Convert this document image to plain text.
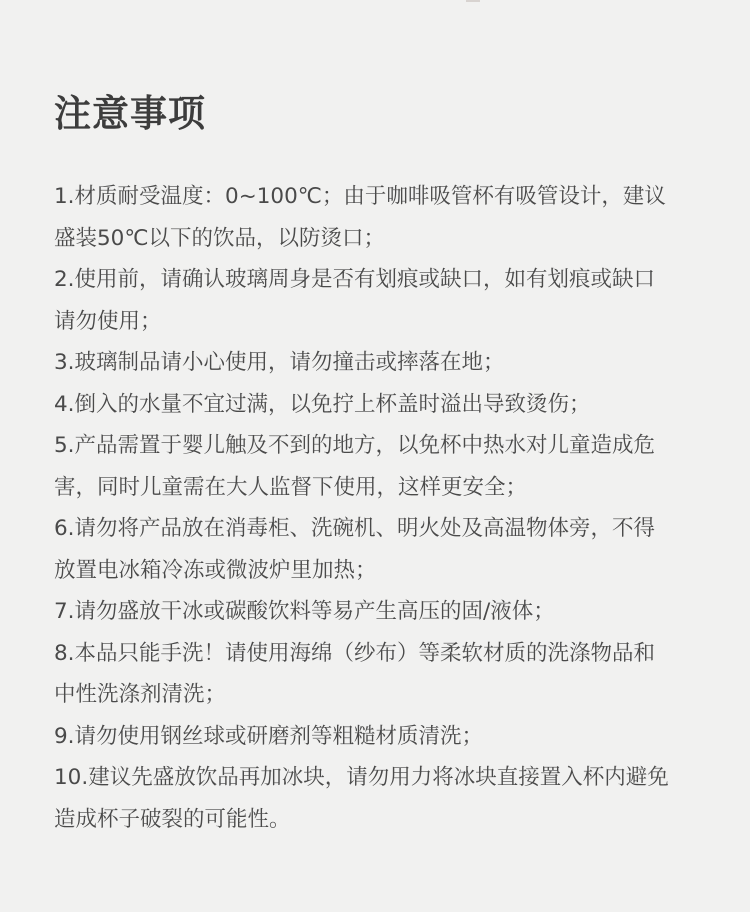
注意事项
1.材质耐受温度：0~100℃；由于咖啡吸管杯有吸管设计，建议
盛装50℃以下的饮品，以防烫口；
2.使用前，请确认玻璃周身是否有划痕或缺口，如有划痕或缺口
请勿使用；
3.玻璃制品请小心使用，请勿撞击或摔落在地；
4.倒入的水量不宜过满，以免拧上杯盖时溢出导致烫伤；
5.产品需置于婴儿触及不到的地方，以免杯中热水对儿童造成危
害，同时儿童需在大人监督下使用，这样更安全；
6.请勿将产品放在消毒柜、洗碗机、明火处及高温物体旁，不得
放置电冰箱冷冻或微波炉里加热；
7.请勿盛放干冰或碳酸饮料等易产生高压的固/液体；
8.本品只能手洗！请使用海绵（纱布）等柔软材质的洗涤物品和
中性洗涤剂清洗；
9.请勿使用钢丝球或研磨剂等粗糙材质清洗；
10.建议先盛放饮品再加冰块，请勿用力将冰块直接置入杯内避免
造成杯子破裂的可能性。
